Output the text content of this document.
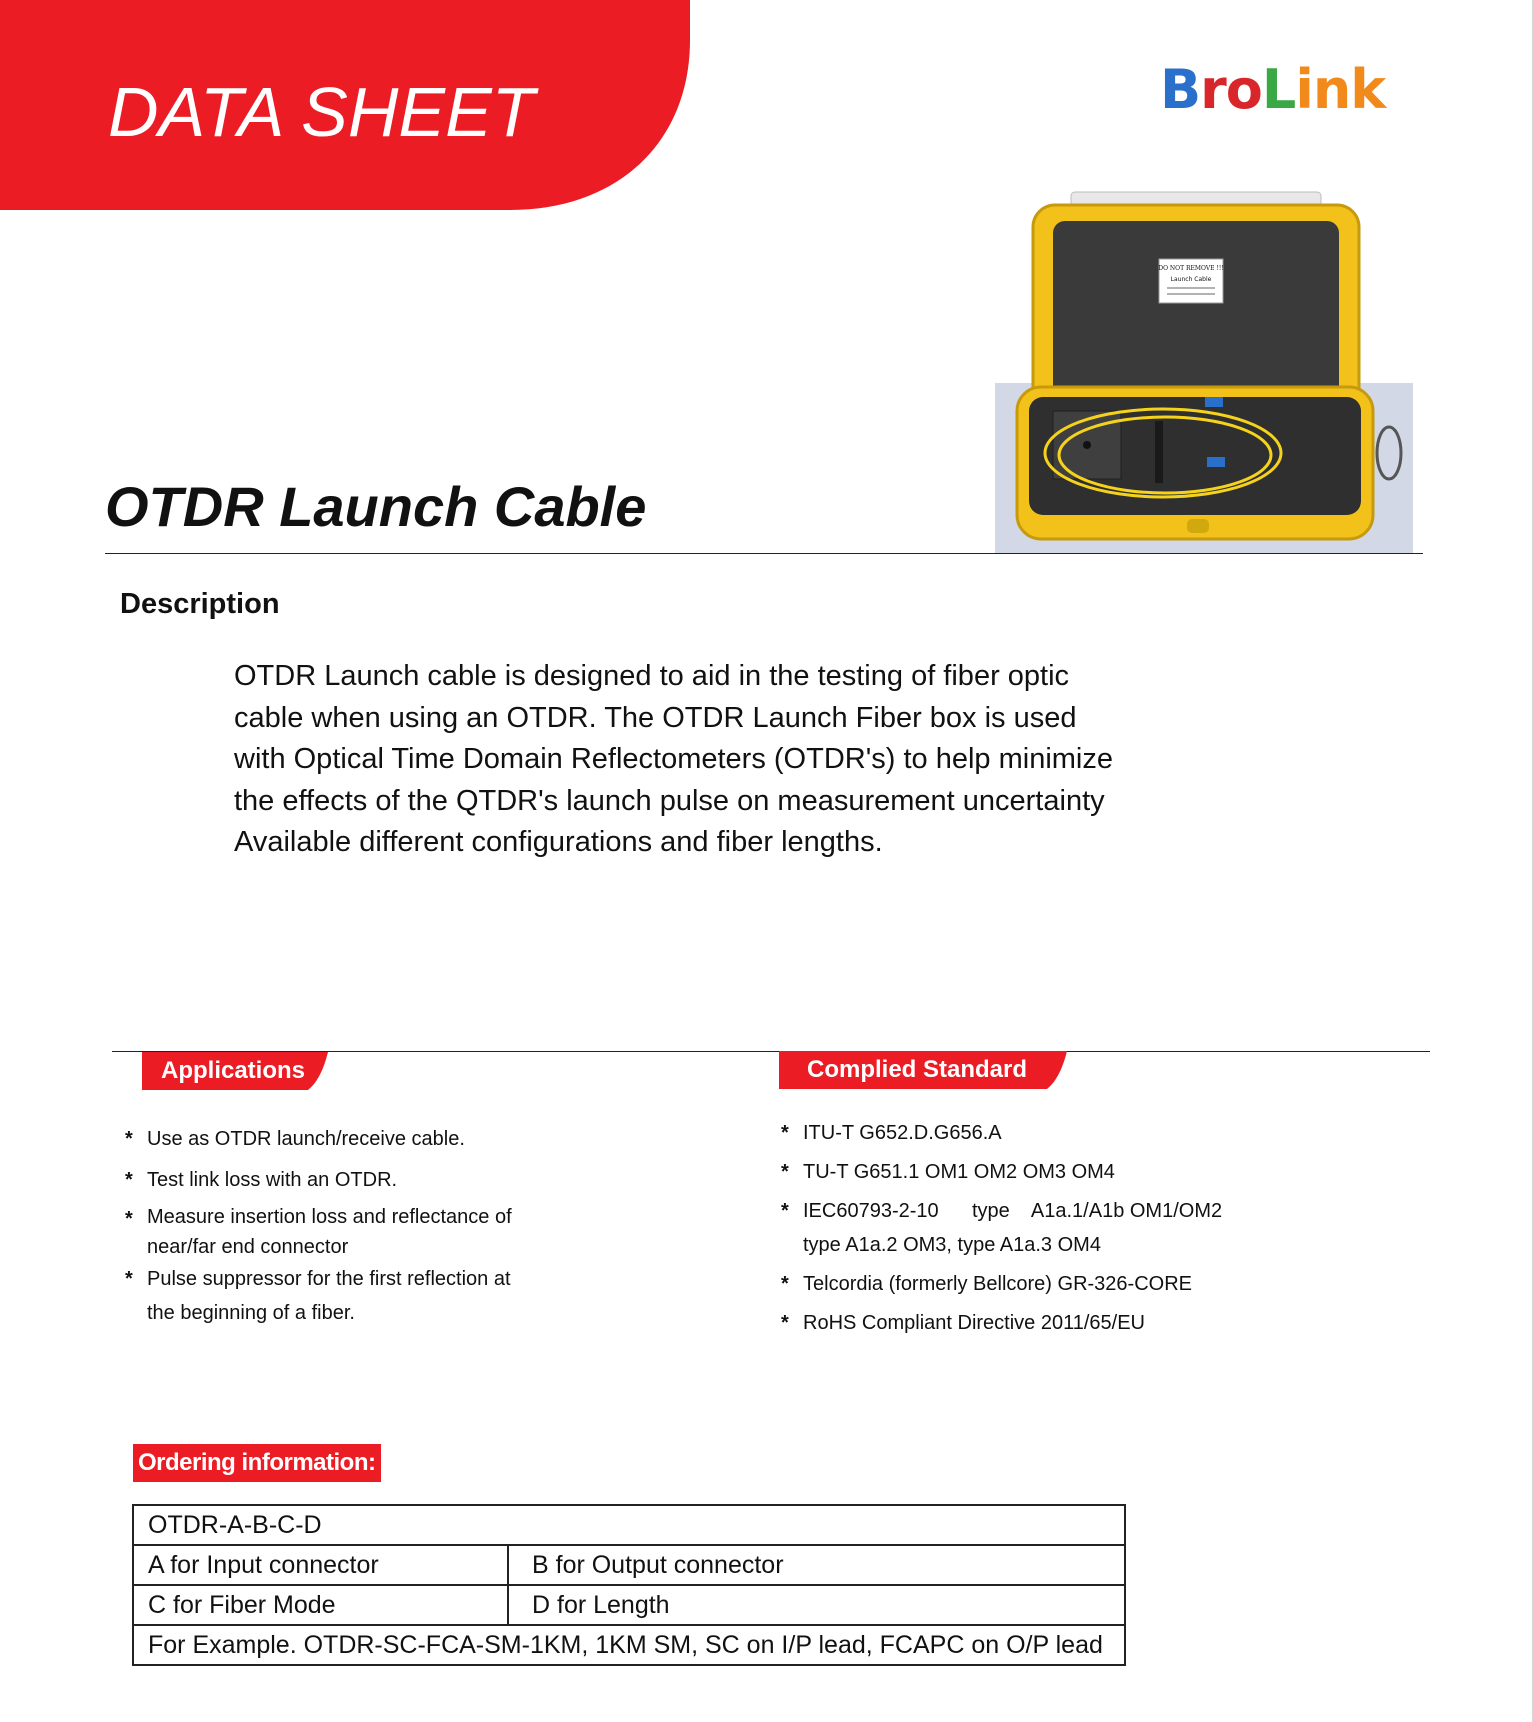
DATA SHEET	BroLink
DO NOT REMOVE !!!
Launch Cable
OTDR Launch Cable
Description
OTDR Launch cable is designed to aid in the testing of fiber optic
cable when using an OTDR. The OTDR Launch Fiber box is used
with Optical Time Domain Reflectometers (OTDR's) to help minimize
the effects of the QTDR's launch pulse on measurement uncertainty
Available different configurations and fiber lengths.
Applications	Complied Standard
* Use as OTDR launch/receive cable.
* Test link loss with an OTDR.
* Measure insertion loss and reflectance of
near/far end connector
* Pulse suppressor for the first reflection at
the beginning of a fiber.
* ITU-T G652.D.G656.A
* TU-T G651.1 OM1 OM2 OM3 OM4
* IEC60793-2-10      type    A1a.1/A1b OM1/OM2
type A1a.2 OM3, type A1a.3 OM4
* Telcordia (formerly Bellcore) GR-326-CORE
* RoHS Compliant Directive 2011/65/EU
Ordering information:
OTDR-A-B-C-D	
A for Input connector	B for Output connector
C for Fiber Mode	D for Length
For Example. OTDR-SC-FCA-SM-1KM, 1KM SM, SC on I/P lead, FCAPC on O/P lead	
